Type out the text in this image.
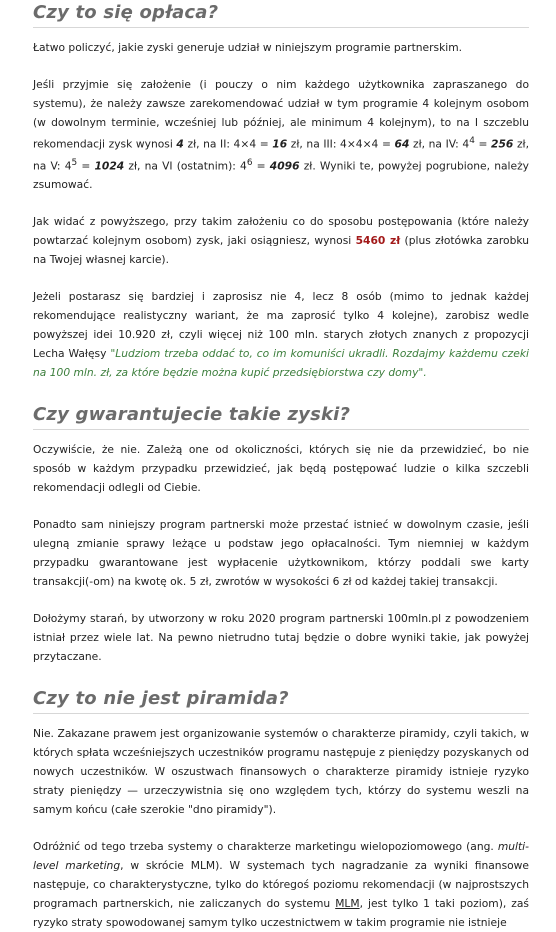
Czy to się opłaca?

Łatwo policzyć, jakie zyski generuje udział w niniejszym programie partnerskim.

Jeśli przyjmie się założenie (i pouczy o nim każdego użytkownika zapraszanego do systemu), że należy zawsze zarekomendować udział w tym programie 4 kolejnym osobom (w dowolnym terminie, wcześniej lub później, ale minimum 4 kolejnym), to na I szczeblu rekomendacji zysk wynosi 4 zł, na II: 4×4 = 16 zł, na III: 4×4×4 = 64 zł, na IV: $4^4 = 256$ zł, na V: $4^5 = 1024$ zł, na VI (ostatnim): $4^6 = 4096$ zł. Wyniki te, powyżej pogrubione, należy zsumować.

Jak widać z powyższego, przy takim założeniu co do sposobu postępowania (które należy powtarzać kolejnym osobom) zysk, jaki osiągniesz, wynosi 5460 zł (plus złotówka zarobku na Twojej własnej karcie).

Jeżeli postarasz się bardziej i zaprosisz nie 4, lecz 8 osób (mimo to jednak każdej rekomendujące realistyczny wariant, że ma zaprosić tylko 4 kolejne), zarobisz wedle powyższej idei 10.920 zł, czyli więcej niż 100 mln. starych złotych znanych z propozycji Lecha Wałęsy "Ludziom trzeba oddać to, co im komuniści ukradli. Rozdajmy każdemu czeki na 100 mln. zł, za które będzie można kupić przedsiębiorstwa czy domy".

Czy gwarantujecie takie zyski?

Oczywiście, że nie. Zależą one od okoliczności, których się nie da przewidzieć, bo nie sposób w każdym przypadku przewidzieć, jak będą postępować ludzie o kilka szczebli rekomendacji odlegli od Ciebie.

Ponadto sam niniejszy program partnerski może przestać istnieć w dowolnym czasie, jeśli ulegną zmianie sprawy leżące u podstaw jego opłacalności. Tym niemniej w każdym przypadku gwarantowane jest wypłacenie użytkownikom, którzy poddali swe karty transakcji(-om) na kwotę ok. 5 zł, zwrotów w wysokości 6 zł od każdej takiej transakcji.

Dołożymy starań, by utworzony w roku 2020 program partnerski 100mln.pl z powodzeniem istniał przez wiele lat. Na pewno nietrudno tutaj będzie o dobre wyniki takie, jak powyżej przytaczane.

Czy to nie jest piramida?

Nie. Zakazane prawem jest organizowanie systemów o charakterze piramidy, czyli takich, w których spłata wcześniejszych uczestników programu następuje z pieniędzy pozyskanych od nowych uczestników. W oszustwach finansowych o charakterze piramidy istnieje ryzyko straty pieniędzy — urzeczywistnia się ono względem tych, którzy do systemu weszli na samym końcu (całe szerokie "dno piramidy").

Odróżnić od tego trzeba systemy o charakterze marketingu wielopoziomowego (ang. multi-level marketing, w skrócie MLM). W systemach tych nagradzanie za wyniki finansowe następuje, co charakterystyczne, tylko do któregoś poziomu rekomendacji (w najprostszych programach partnerskich, nie zaliczanych do systemu MLM, jest tylko 1 taki poziom), zaś ryzyko straty spowodowanej samym tylko uczestnictwem w takim programie nie istnieje
